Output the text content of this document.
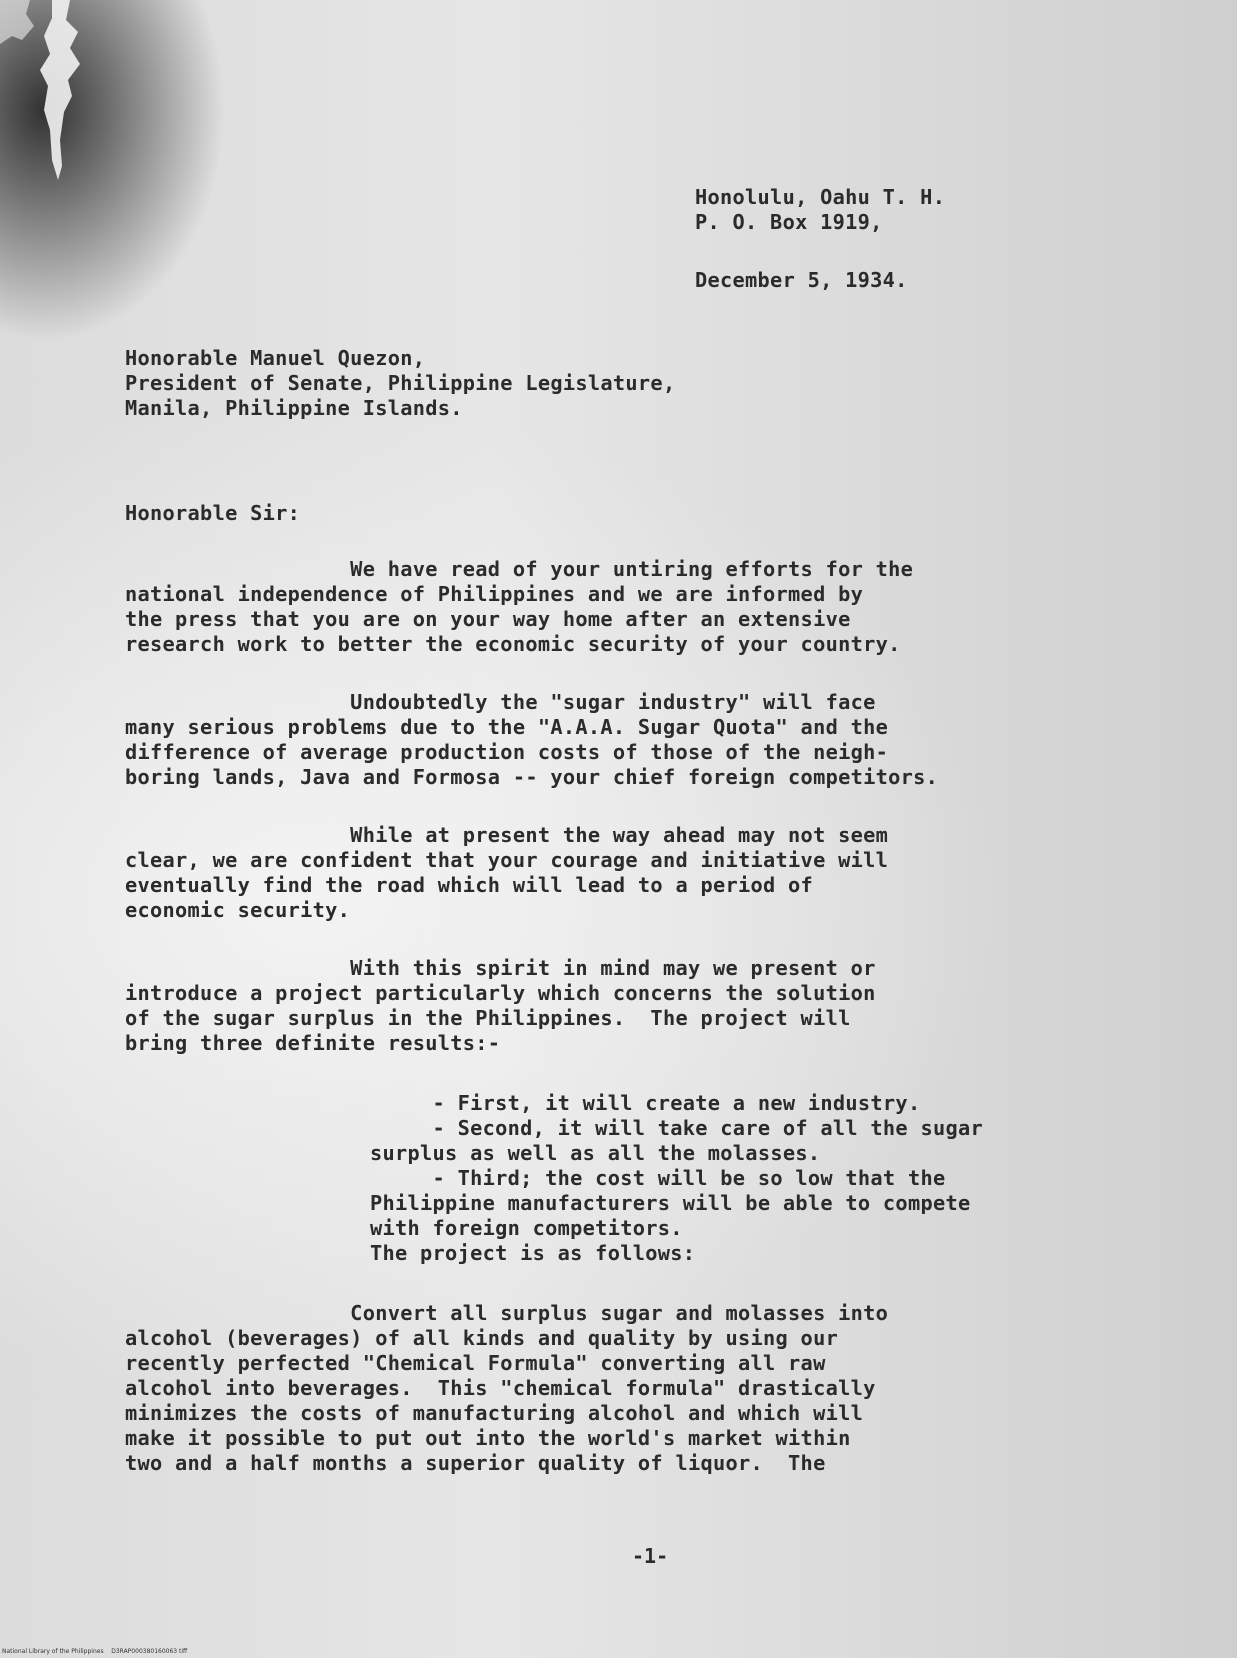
Honolulu, Oahu T. H.
P. O. Box 1919,
December 5, 1934.
Honorable Manuel Quezon,
President of Senate, Philippine Legislature,
Manila, Philippine Islands.
Honorable Sir:
We have read of your untiring efforts for the
national independence of Philippines and we are informed by
the press that you are on your way home after an extensive
research work to better the economic security of your country.
Undoubtedly the "sugar industry" will face
many serious problems due to the "A.A.A. Sugar Quota" and the
difference of average production costs of those of the neigh-
boring lands, Java and Formosa -- your chief foreign competitors.
While at present the way ahead may not seem
clear, we are confident that your courage and initiative will
eventually find the road which will lead to a period of
economic security.
With this spirit in mind may we present or
introduce a project particularly which concerns the solution
of the sugar surplus in the Philippines.  The project will
bring three definite results:-
- First, it will create a new industry.
- Second, it will take care of all the sugar
surplus as well as all the molasses.
- Third; the cost will be so low that the
Philippine manufacturers will be able to compete
with foreign competitors.
The project is as follows:
Convert all surplus sugar and molasses into
alcohol (beverages) of all kinds and quality by using our
recently perfected "Chemical Formula" converting all raw
alcohol into beverages.  This "chemical formula" drastically
minimizes the costs of manufacturing alcohol and which will
make it possible to put out into the world's market within
two and a half months a superior quality of liquor.  The
-1-
National Library of the Philippines D3RAP000380160063 tiff
